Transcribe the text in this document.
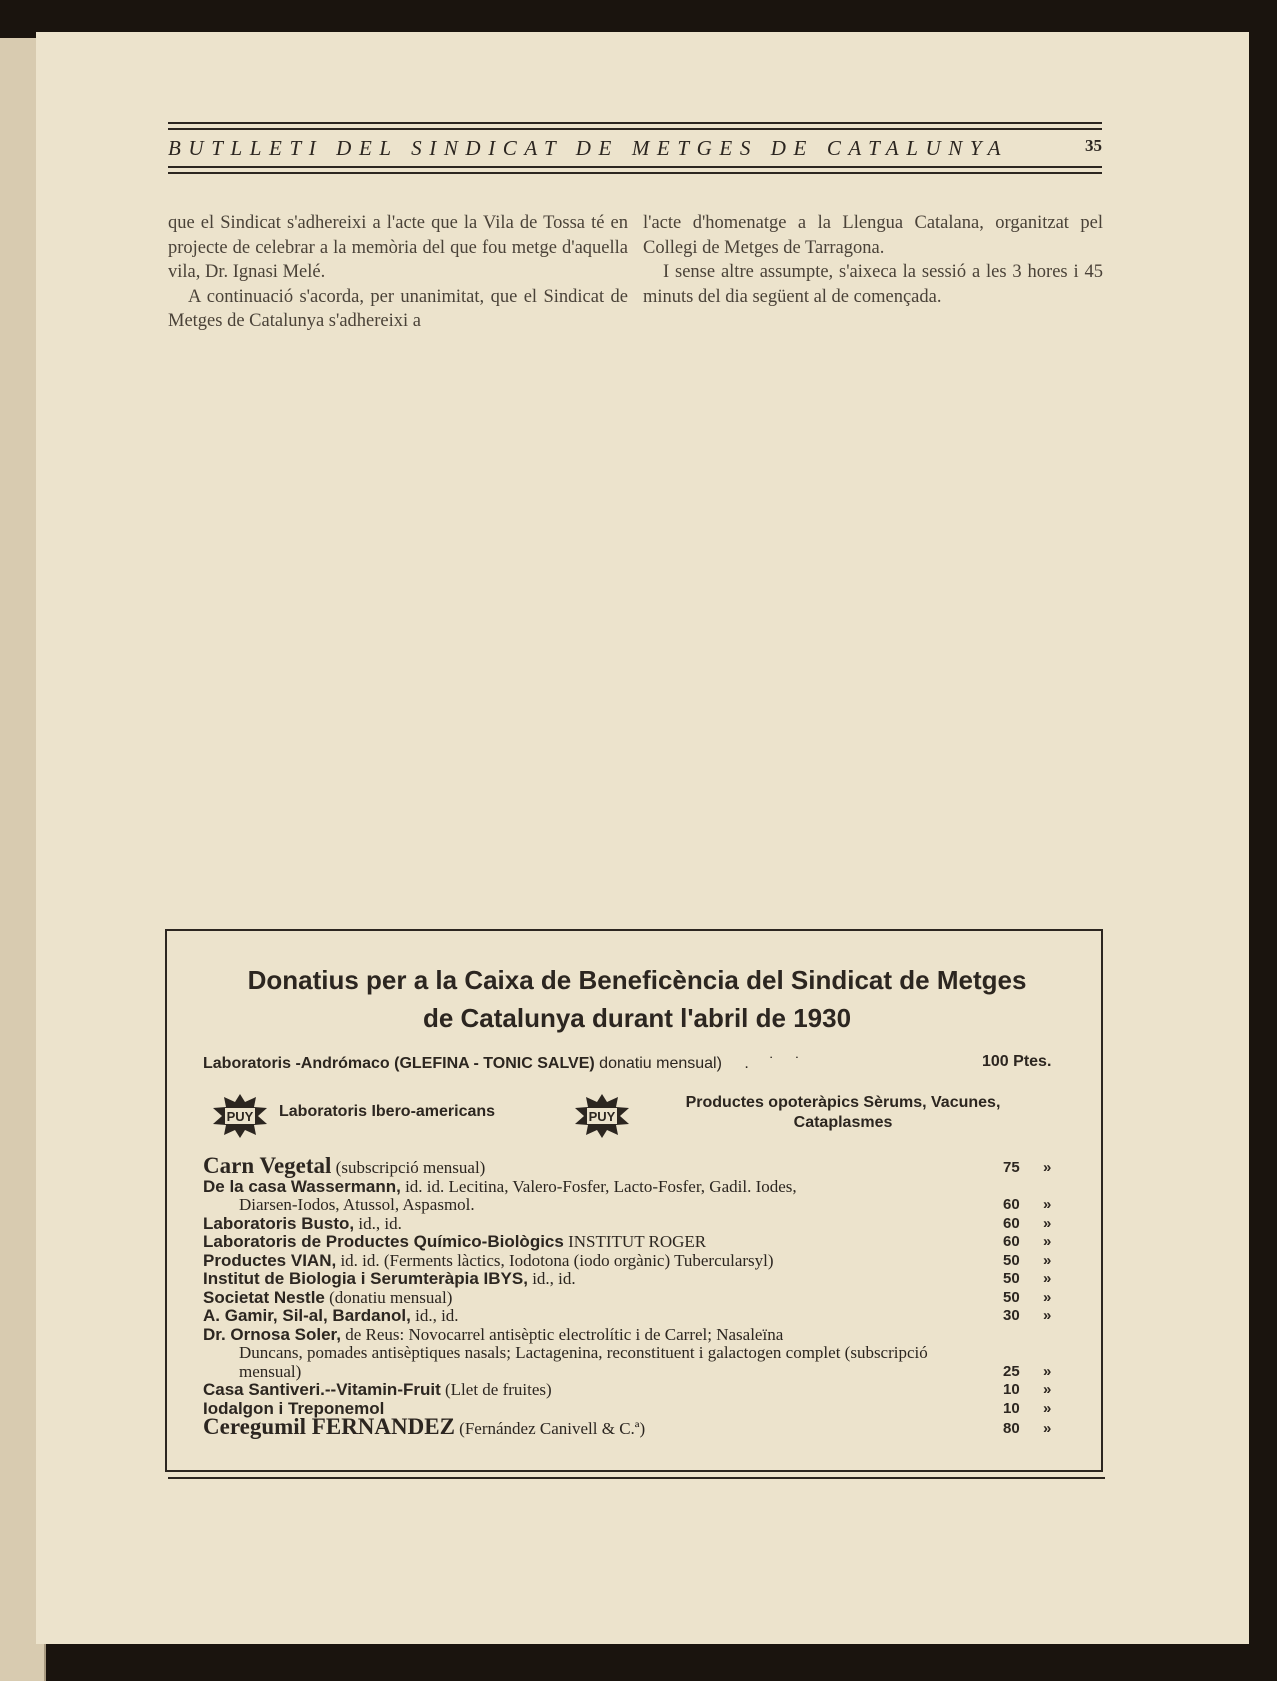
BUTLLETI DEL SINDICAT DE METGES DE CATALUNYA	35

que el Sindicat s'adhereixi a l'acte que la Vila de Tossa té en projecte de celebrar a la memòria del que fou metge d'aquella vila, Dr. Ignasi Melé.

A continuació s'acorda, per unanimitat, que el Sindicat de Metges de Catalunya s'adhereixi a

l'acte d'homenatge a la Llengua Catalana, organitzat pel Collegi de Metges de Tarragona.

I sense altre assumpte, s'aixeca la sessió a les 3 hores i 45 minuts del dia següent al de començada.

Donatius per a la Caixa de Beneficència del Sindicat de Metges
de Catalunya durant l'abril de 1930
Laboratoris -Andrómaco (GLEFINA - TONIC SALVE) donatiu mensual) . ˙ ˙	100 Ptes.
PUY Laboratoris Ibero-americans	PUY
Productes opoteràpics Sèrums, Vacunes,
Cataplasmes
Carn Vegetal (subscripció mensual)	75 »
De la casa Wassermann, id. id. Lecitina, Valero-Fosfer, Lacto-Fosfer, Gadil. Iodes,
Diarsen-Iodos, Atussol, Aspasmol.	60 »
Laboratoris Busto, id., id.	60 »
Laboratoris de Productes Químico-Biològics INSTITUT ROGER	60 »
Productes VIAN, id. id. (Ferments làctics, Iodotona (iodo orgànic) Tubercularsyl)	50 »
Institut de Biologia i Serumteràpia IBYS, id., id.	50 »
Societat Nestle (donatiu mensual)	50 »
A. Gamir, Sil-al, Bardanol, id., id.	30 »
Dr. Ornosa Soler, de Reus: Novocarrel antisèptic electrolític i de Carrel; Nasaleïna
Duncans, pomades antisèptiques nasals; Lactagenina, reconstituent i galactogen complet (subscripció mensual)	25 »
Casa Santiveri.--Vitamin-Fruit (Llet de fruites)	10 »
Iodalgon i Treponemol	10 »
Ceregumil FERNANDEZ (Fernández Canivell & C.ª)	80 »
